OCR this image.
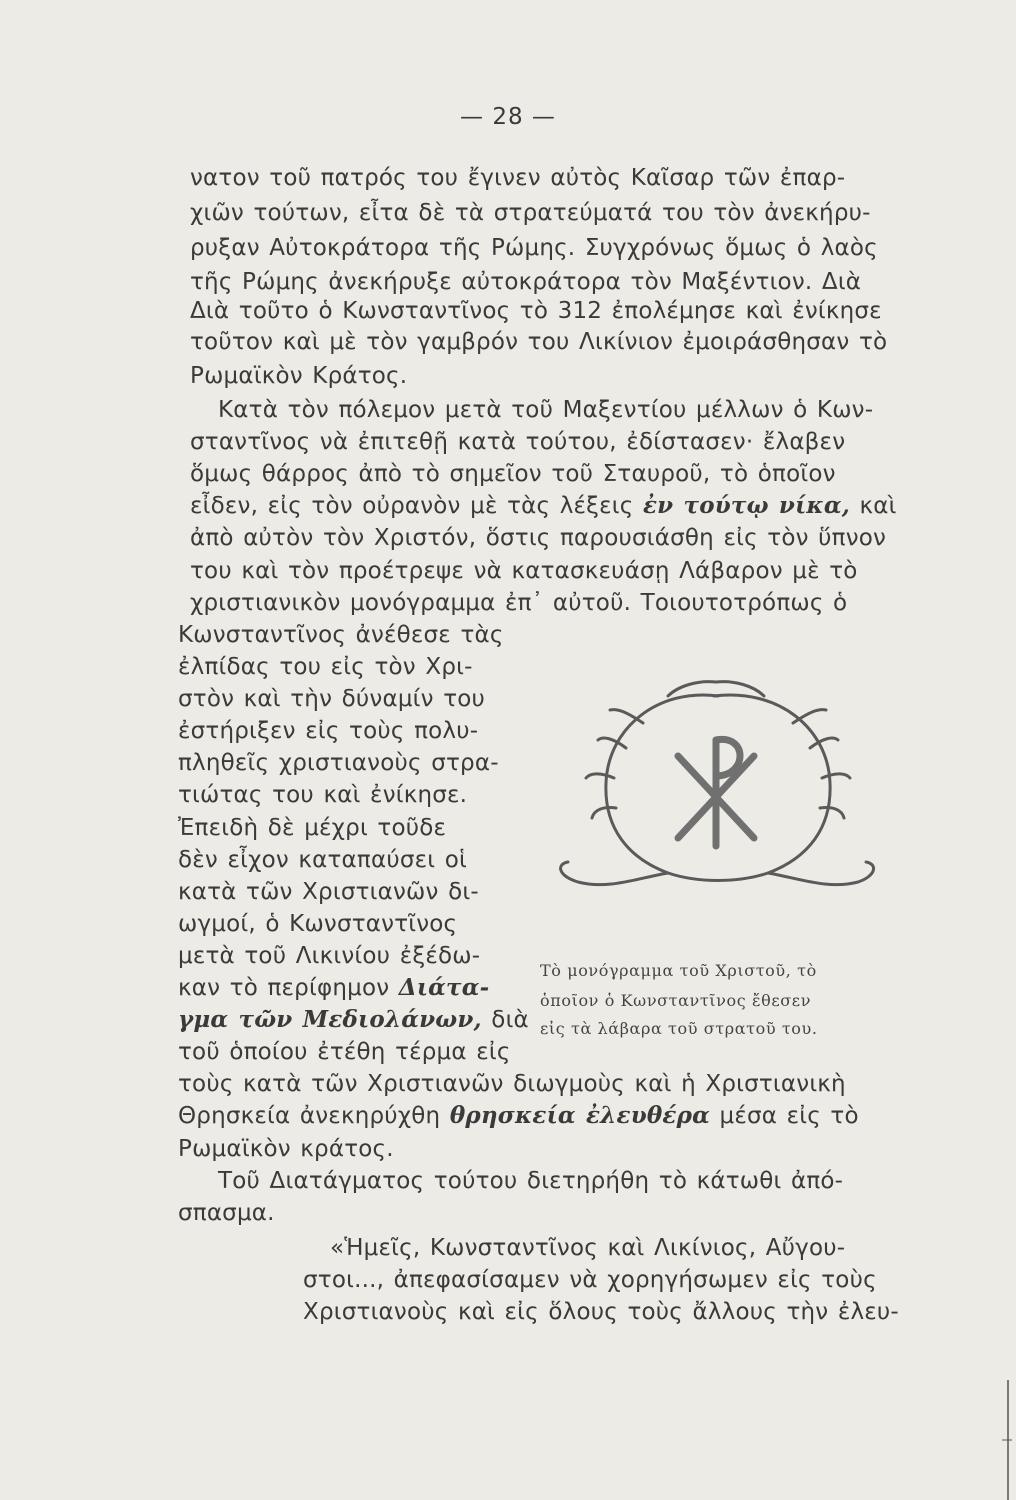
— 28 —
νατον τοῦ πατρός του ἔγινεν αὐτὸς Καῖσαρ τῶν ἐπαρ-
χιῶν τούτων, εἶτα δὲ τὰ στρατεύματά του τὸν ἀνεκήρυ-
ρυξαν Αὐτοκράτορα τῆς Ρώμης. Συγχρόνως ὅμως ὁ λαὸς
τῆς Ρώμης ἀνεκήρυξε αὐτοκράτορα τὸν Μαξέντιον. Διὰ
Διὰ τοῦτο ὁ Κωνσταντῖνος τὸ 312 ἐπολέμησε καὶ ἐνίκησε
τοῦτον καὶ μὲ τὸν γαμβρόν του Λικίνιον ἐμοιράσθησαν τὸ
Ρωμαϊκὸν Κράτος.
Κατὰ τὸν πόλεμον μετὰ τοῦ Μαξεντίου μέλλων ὁ Κων-
σταντῖνος νὰ ἐπιτεθῇ κατὰ τούτου, ἐδίστασεν· ἔλαβεν
ὅμως θάρρος ἀπὸ τὸ σημεῖον τοῦ Σταυροῦ, τὸ ὁποῖον
εἶδεν, εἰς τὸν οὐρανὸν μὲ τὰς λέξεις ἐν τούτῳ νίκα, καὶ
ἀπὸ αὐτὸν τὸν Χριστόν, ὅστις παρουσιάσθη εἰς τὸν ὕπνον
του καὶ τὸν προέτρεψε νὰ κατασκευάσῃ Λάβαρον μὲ τὸ
χριστιανικὸν μονόγραμμα ἐπ᾽ αὐτοῦ. Τοιουτοτρόπως ὁ
Κωνσταντῖνος ἀνέθεσε τὰς
ἐλπίδας του εἰς τὸν Χρι-
στὸν καὶ τὴν δύναμίν του
ἐστήριξεν εἰς τοὺς πολυ-
πληθεῖς χριστιανοὺς στρα-
τιώτας του καὶ ἐνίκησε.
Ἐπειδὴ δὲ μέχρι τοῦδε
δὲν εἶχον καταπαύσει οἱ
κατὰ τῶν Χριστιανῶν δι-
ωγμοί, ὁ Κωνσταντῖνος
μετὰ τοῦ Λικινίου ἐξέδω-
καν τὸ περίφημον Διάτα-
γμα τῶν Μεδιολάνων, διὰ
τοῦ ὁποίου ἐτέθη τέρμα εἰς
τοὺς κατὰ τῶν Χριστιανῶν διωγμοὺς καὶ ἡ Χριστιανικὴ
Θρησκεία ἀνεκηρύχθη θρησκεία ἐλευθέρα μέσα εἰς τὸ
Ρωμαϊκὸν κράτος.
Τοῦ Διατάγματος τούτου διετηρήθη τὸ κάτωθι ἀπό-
σπασμα.
«Ἡμεῖς, Κωνσταντῖνος καὶ Λικίνιος, Αὔγου-
στοι..., ἀπεφασίσαμεν νὰ χορηγήσωμεν εἰς τοὺς
Χριστιανοὺς καὶ εἰς ὅλους τοὺς ἄλλους τὴν ἐλευ-
Τὸ μονόγραμμα τοῦ Χριστοῦ, τὸ
ὁποῖον ὁ Κωνσταντῖνος ἔθεσεν
εἰς τὰ λάβαρα τοῦ στρατοῦ του.
